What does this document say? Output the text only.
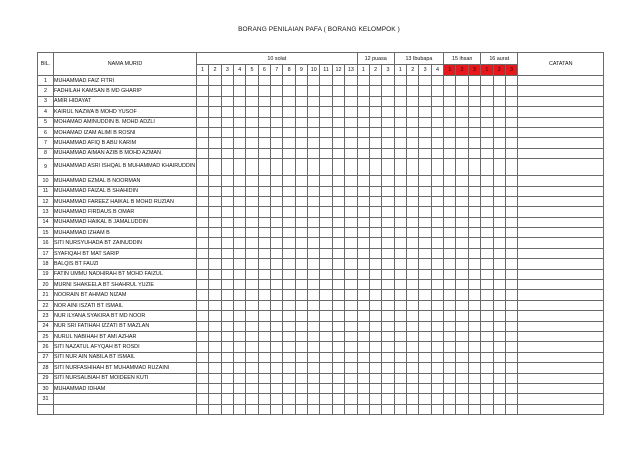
BORANG PENILAIAN PAFA ( BORANG KELOMPOK )
BIL.	NAMA MURID	10 solat													12 puasa			13 Ibubapa				15 ihsan			16 aurat			CATATAN
		1	2	3	4	5	6	7	8	9	10	11	12	13	1	2	3	1	2	3	4	1	2	3	1	2	3	
1	MUHAMMAD FAIZ FITRI																											
2	FADHILAH KAMSAN B MD GHARIP																											
3	AMIR HIDAYAT																											
4	KAIRUL NAZWA B MOHD YUSOF																											
5	MOHAMAD AMINUDDIN B. MOHD ADZLI																											
6	MOHAMAD IZAM ALIMI B ROSNI																											
7	MUHAMMAD AFIQ B ABU KARIM																											
8	MUHAMMAD AIMAN AZIB B MOHD AZMAN																											
9	MUHAMMAD ASRI ISHQAL B MUHAMMAD KHAIRUDDIN																											
10	MUHAMMAD EZMAL B NOORMAN																											
11	MUHAMMAD FAIZAL B SHAHIDIN																											
12	MUHAMMAD FAREEZ HAIKAL B MOHD RUZIAN																											
13	MUHAMMAD FIRDAUS B OMAR																											
14	MUHAMMAD HAIKAL B JAMALUDDIN																											
15	MUHAMMAD IZHAM B																											
16	SITI NURSYUHADA BT ZAINUDDIN																											
17	SYAFIQAH BT MAT SARIP																											
18	BALQIS BT FAUZI																											
19	FATIN UMMU NADHIRAH BT MOHD FAIZUL																											
20	MURNI SHAKEELA BT SHAHRUL YUZIE																											
21	NOORAIN BT AHMAD NIZAM																											
22	NOR AINI ISZATI BT ISMAIL																											
23	NUR ILYANA SYAKIRA BT MD NOOR																											
24	NUR SRI FATIHAH IZZATI BT MAZLAN																											
25	NURUL NABIHAH BT AMI AZHAR																											
26	SITI NAZATUL AFYQAH BT ROSDI																											
27	SITI NUR AIN NABILA BT ISMAIL																											
28	SITI NURFASHIHAH BT MUHAMMAD RUZAINI																											
29	SITI NURSALBIAH BT MOIDEEN KUTI																											
30	MUHAMMAD IDHAM																											
31																												
